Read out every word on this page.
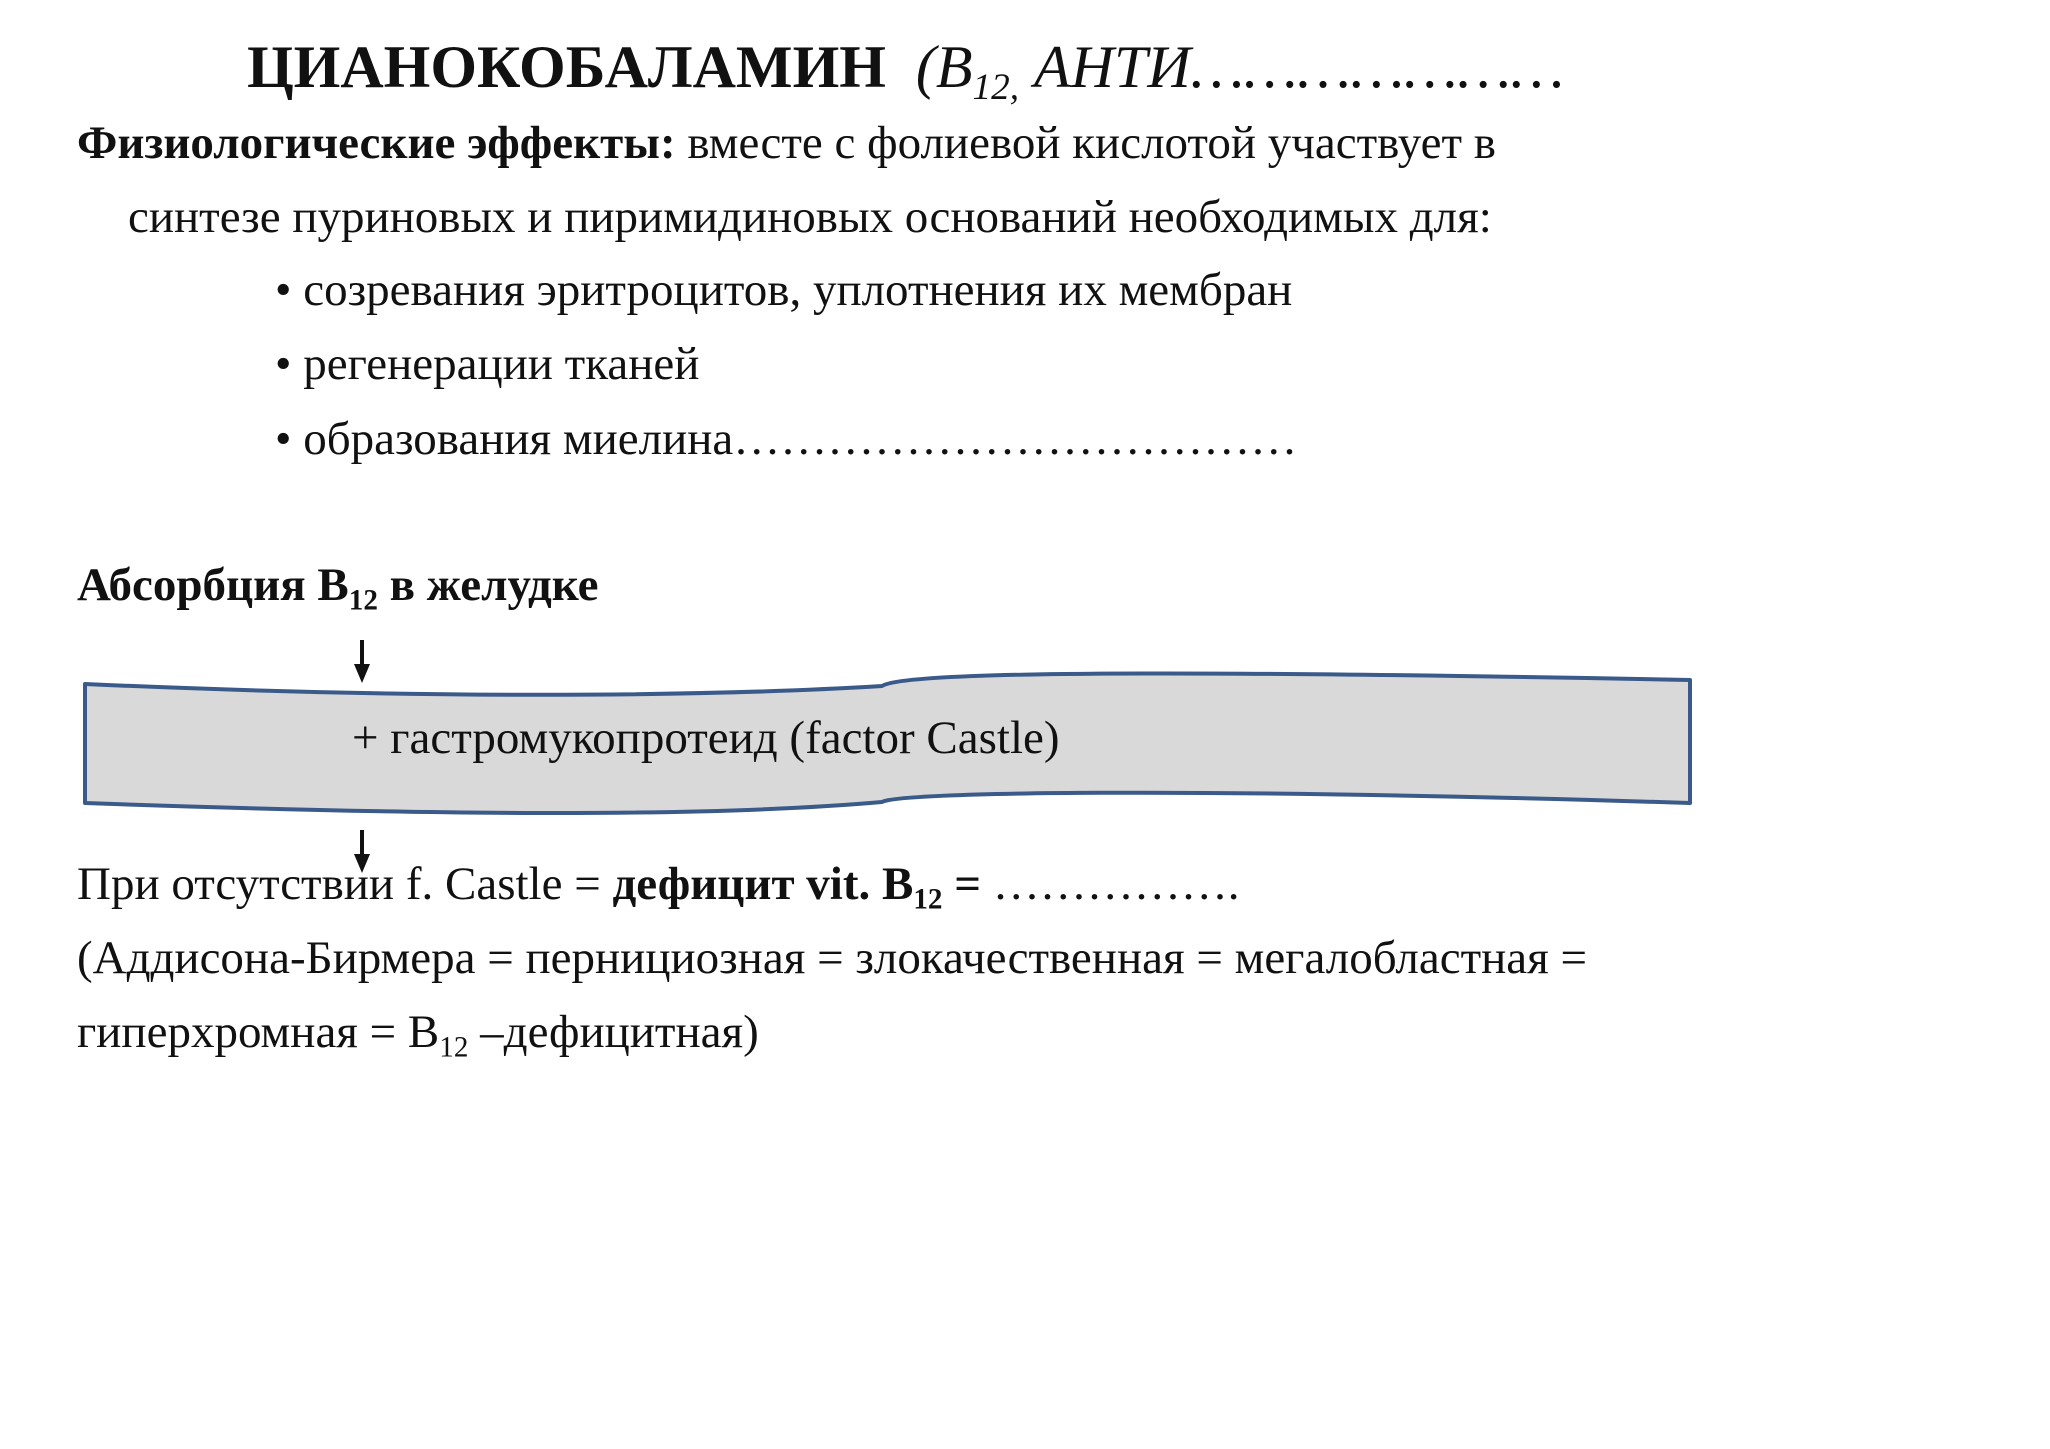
ЦИАНОКОБАЛАМИН ($B_{12,}$ АНТИ…………………
Физиологические эффекты: вместе с фолиевой кислотой участвует в
синтезе пуриновых и пиримидиновых оснований необходимых для:
• созревания эритроцитов, уплотнения их мембран
• регенерации тканей
• образования миелина………………………………
Абсорбция $В_{12}$ в желудке
+ гастромукопротеид (factor Castle)
При отсутствии f. Castle = дефицит vit. $В_{12}$ = …………….
(Аддисона-Бирмера = пернициозная = злокачественная = мегалобластная =
гиперхромная = $В_{12}$ –дефицитная)
